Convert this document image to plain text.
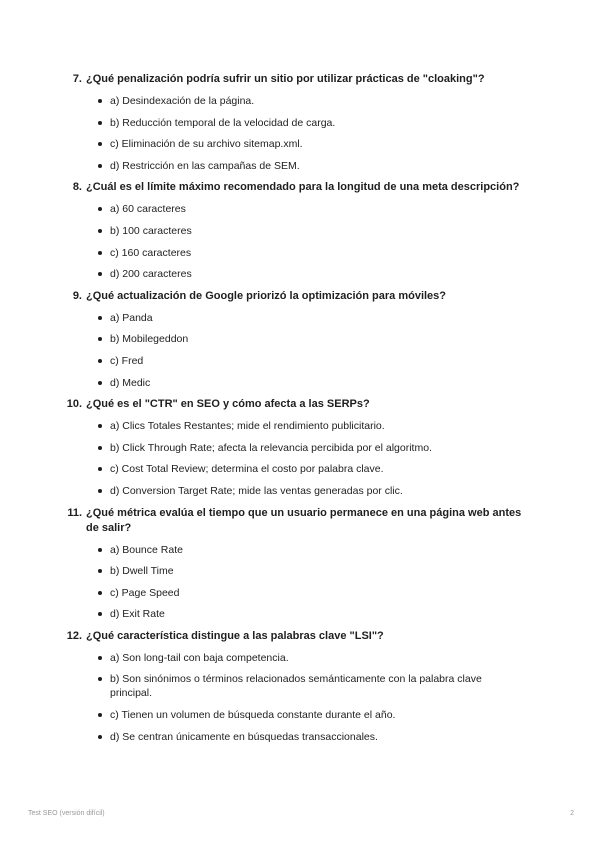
7. ¿Qué penalización podría sufrir un sitio por utilizar prácticas de "cloaking"?
a) Desindexación de la página.
b) Reducción temporal de la velocidad de carga.
c) Eliminación de su archivo sitemap.xml.
d) Restricción en las campañas de SEM.
8. ¿Cuál es el límite máximo recomendado para la longitud de una meta descripción?
a) 60 caracteres
b) 100 caracteres
c) 160 caracteres
d) 200 caracteres
9. ¿Qué actualización de Google priorizó la optimización para móviles?
a) Panda
b) Mobilegeddon
c) Fred
d) Medic
10. ¿Qué es el "CTR" en SEO y cómo afecta a las SERPs?
a) Clics Totales Restantes; mide el rendimiento publicitario.
b) Click Through Rate; afecta la relevancia percibida por el algoritmo.
c) Cost Total Review; determina el costo por palabra clave.
d) Conversion Target Rate; mide las ventas generadas por clic.
11. ¿Qué métrica evalúa el tiempo que un usuario permanece en una página web antes de salir?
a) Bounce Rate
b) Dwell Time
c) Page Speed
d) Exit Rate
12. ¿Qué característica distingue a las palabras clave "LSI"?
a) Son long-tail con baja competencia.
b) Son sinónimos o términos relacionados semánticamente con la palabra clave principal.
c) Tienen un volumen de búsqueda constante durante el año.
d) Se centran únicamente en búsquedas transaccionales.
Test SEO (versión difícil)	2
